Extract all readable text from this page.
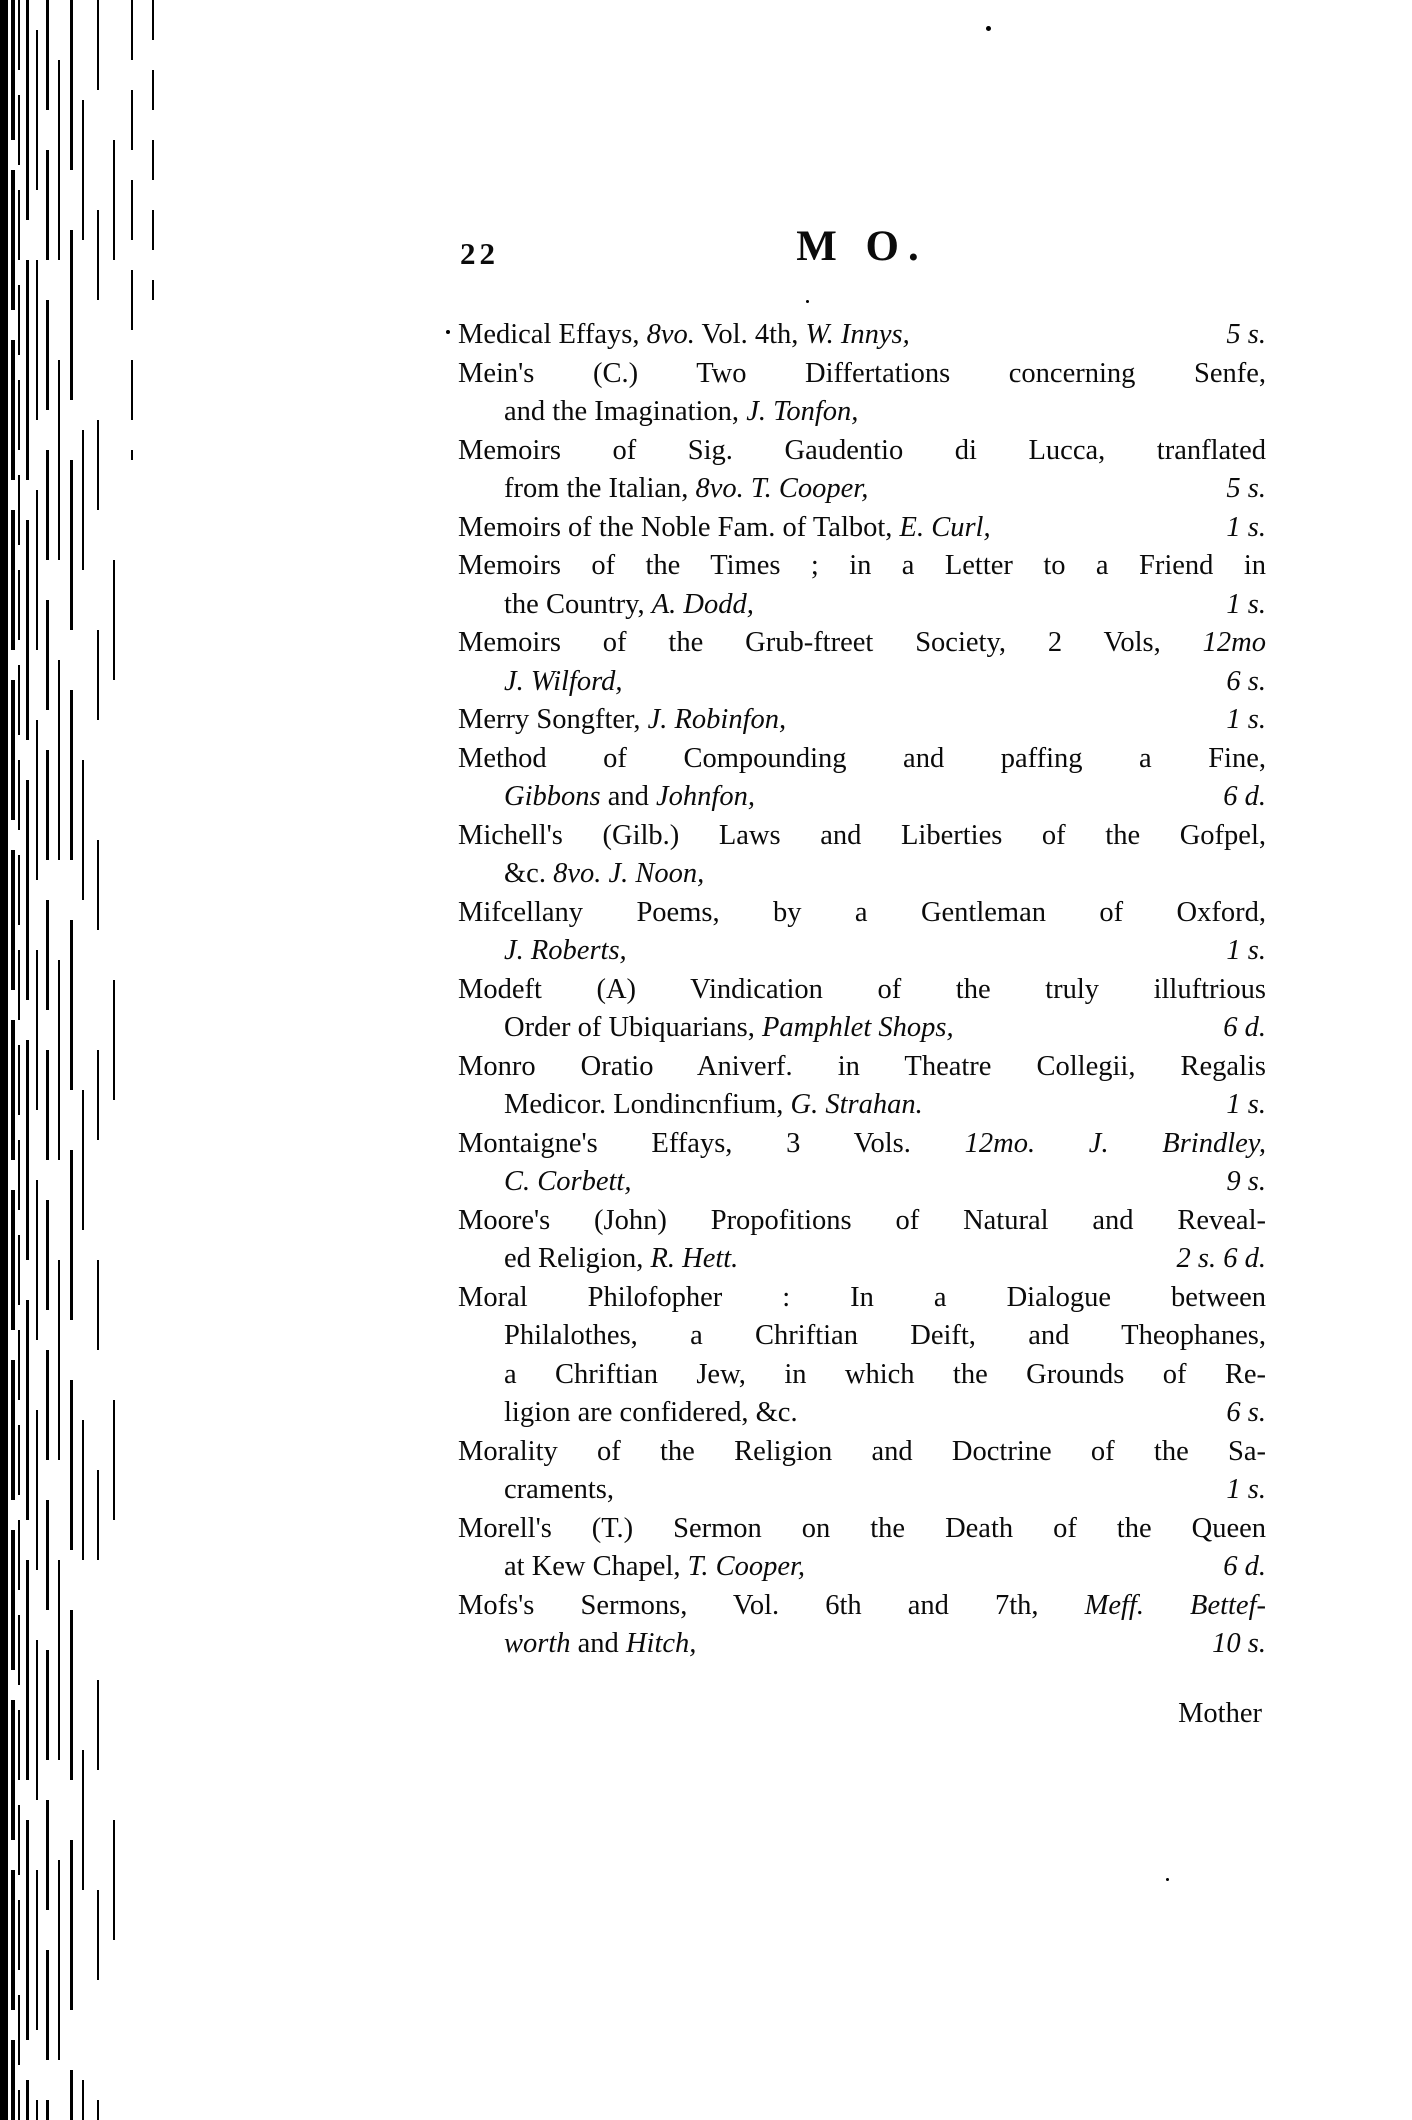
22	M O.
Medical Effays, 8vo. Vol. 4th, W. Innys,	5 s.
Mein's (C.) Two Differtations concerning Senfe,
and the Imagination, J. Tonfon,
Memoirs of Sig. Gaudentio di Lucca, tranflated
from the Italian, 8vo. T. Cooper,	5 s.
Memoirs of the Noble Fam. of Talbot, E. Curl,	1 s.
Memoirs of the Times ; in a Letter to a Friend in
the Country, A. Dodd,	1 s.
Memoirs of the Grub-ftreet Society, 2 Vols, 12mo
J. Wilford,	6 s.
Merry Songfter, J. Robinfon,	1 s.
Method of Compounding and paffing a Fine,
Gibbons and Johnfon,	6 d.
Michell's (Gilb.) Laws and Liberties of the Gofpel,
&c. 8vo. J. Noon,
Mifcellany Poems, by a Gentleman of Oxford,
J. Roberts,	1 s.
Modeft (A) Vindication of the truly illuftrious
Order of Ubiquarians, Pamphlet Shops,	6 d.
Monro Oratio Aniverf. in Theatre Collegii, Regalis
Medicor. Londincnfium, G. Strahan.	1 s.
Montaigne's Effays, 3 Vols. 12mo. J. Brindley,
C. Corbett,	9 s.
Moore's (John) Propofitions of Natural and Reveal-
ed Religion, R. Hett.	2 s. 6 d.
Moral Philofopher : In a Dialogue between
Philalothes, a Chriftian Deift, and Theophanes,
a Chriftian Jew, in which the Grounds of Re-
ligion are confidered, &c.	6 s.
Morality of the Religion and Doctrine of the Sa-
craments,	1 s.
Morell's (T.) Sermon on the Death of the Queen
at Kew Chapel, T. Cooper,	6 d.
Mofs's Sermons, Vol. 6th and 7th, Meff. Bettef-
worth and Hitch,	10 s.
Mother
